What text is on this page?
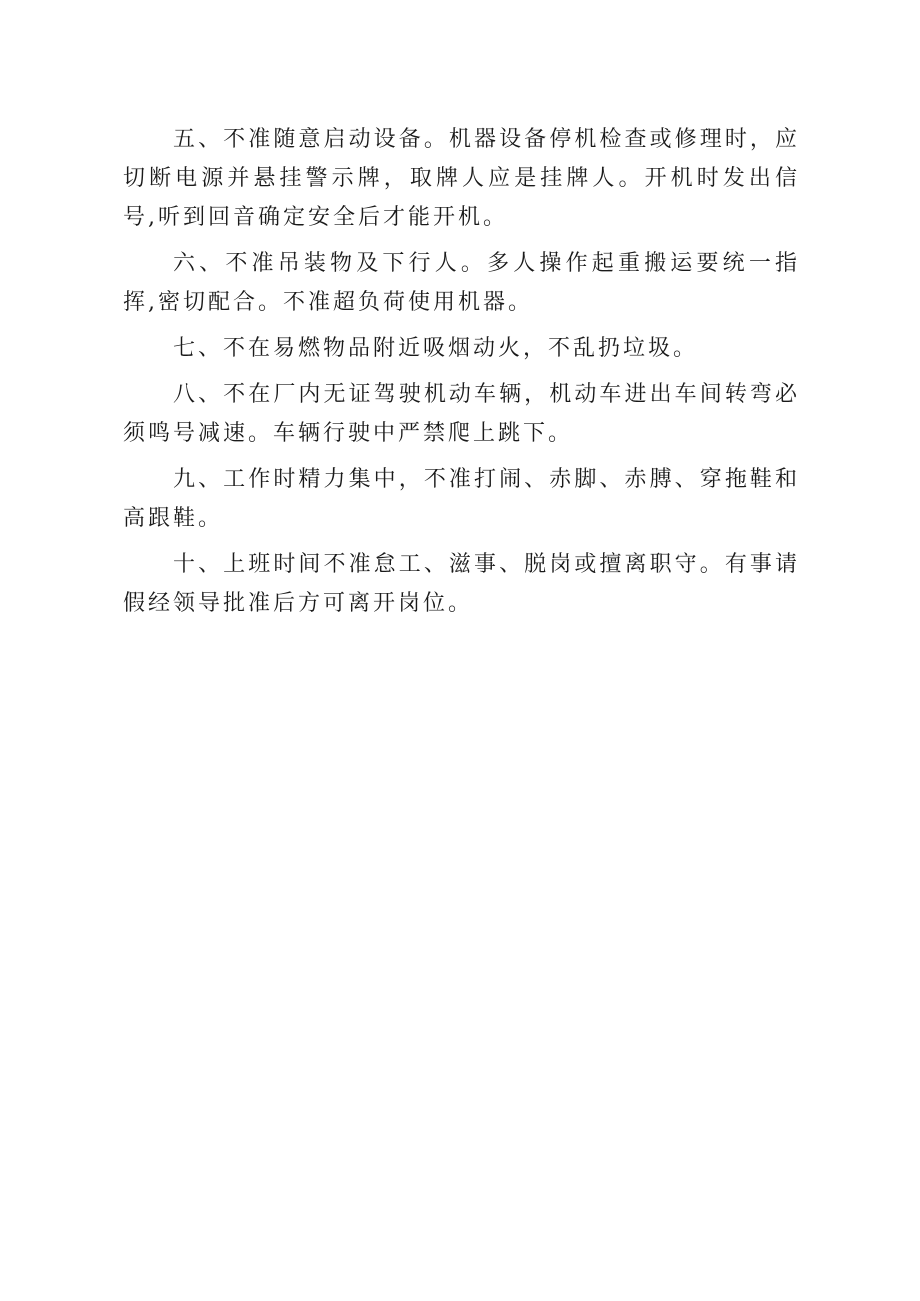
五、不准随意启动设备。机器设备停机检查或修理时，应切断电源并悬挂警示牌，取牌人应是挂牌人。开机时发出信号,听到回音确定安全后才能开机。

六、不准吊装物及下行人。多人操作起重搬运要统一指挥,密切配合。不准超负荷使用机器。

七、不在易燃物品附近吸烟动火，不乱扔垃圾。

八、不在厂内无证驾驶机动车辆，机动车进出车间转弯必须鸣号减速。车辆行驶中严禁爬上跳下。

九、工作时精力集中，不准打闹、赤脚、赤膊、穿拖鞋和高跟鞋。

十、上班时间不准怠工、滋事、脱岗或擅离职守。有事请假经领导批准后方可离开岗位。
